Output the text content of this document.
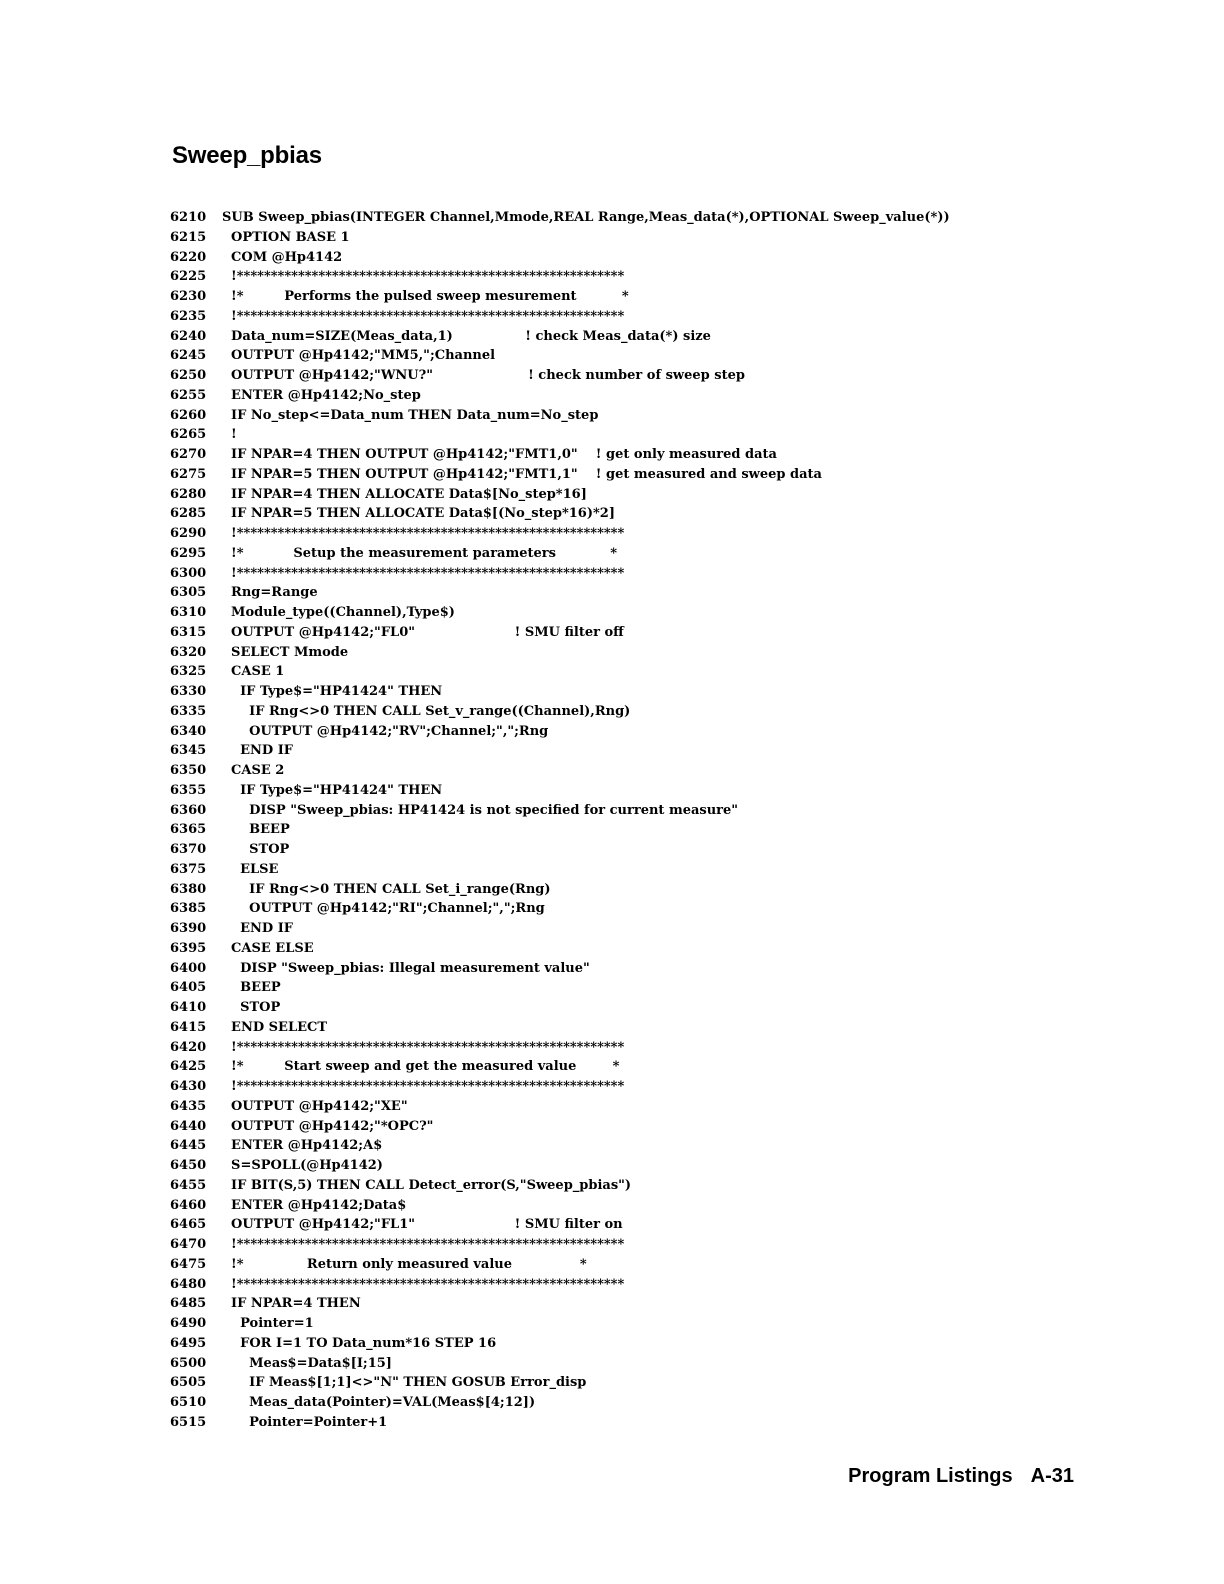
Sweep_pbias
6210	SUB Sweep_pbias(INTEGER Channel,Mmode,REAL Range,Meas_data(*),OPTIONAL Sweep_value(*))
6215	OPTION BASE 1
6220	COM @Hp4142
6225	!*********************************************************
6230	!*         Performs the pulsed sweep mesurement          *
6235	!*********************************************************
6240	Data_num=SIZE(Meas_data,1)                ! check Meas_data(*) size
6245	OUTPUT @Hp4142;"MM5,";Channel
6250	OUTPUT @Hp4142;"WNU?"                     ! check number of sweep step
6255	ENTER @Hp4142;No_step
6260	IF No_step<=Data_num THEN Data_num=No_step
6265	!
6270	IF NPAR=4 THEN OUTPUT @Hp4142;"FMT1,0"    ! get only measured data
6275	IF NPAR=5 THEN OUTPUT @Hp4142;"FMT1,1"    ! get measured and sweep data
6280	IF NPAR=4 THEN ALLOCATE Data$[No_step*16]
6285	IF NPAR=5 THEN ALLOCATE Data$[(No_step*16)*2]
6290	!*********************************************************
6295	!*           Setup the measurement parameters            *
6300	!*********************************************************
6305	Rng=Range
6310	Module_type((Channel),Type$)
6315	OUTPUT @Hp4142;"FL0"                      ! SMU filter off
6320	SELECT Mmode
6325	CASE 1
6330	IF Type$="HP41424" THEN
6335	IF Rng<>0 THEN CALL Set_v_range((Channel),Rng)
6340	OUTPUT @Hp4142;"RV";Channel;",";Rng
6345	END IF
6350	CASE 2
6355	IF Type$="HP41424" THEN
6360	DISP "Sweep_pbias: HP41424 is not specified for current measure"
6365	BEEP
6370	STOP
6375	ELSE
6380	IF Rng<>0 THEN CALL Set_i_range(Rng)
6385	OUTPUT @Hp4142;"RI";Channel;",";Rng
6390	END IF
6395	CASE ELSE
6400	DISP "Sweep_pbias: Illegal measurement value"
6405	BEEP
6410	STOP
6415	END SELECT
6420	!*********************************************************
6425	!*         Start sweep and get the measured value        *
6430	!*********************************************************
6435	OUTPUT @Hp4142;"XE"
6440	OUTPUT @Hp4142;"*OPC?"
6445	ENTER @Hp4142;A$
6450	S=SPOLL(@Hp4142)
6455	IF BIT(S,5) THEN CALL Detect_error(S,"Sweep_pbias")
6460	ENTER @Hp4142;Data$
6465	OUTPUT @Hp4142;"FL1"                      ! SMU filter on
6470	!*********************************************************
6475	!*              Return only measured value               *
6480	!*********************************************************
6485	IF NPAR=4 THEN
6490	Pointer=1
6495	FOR I=1 TO Data_num*16 STEP 16
6500	Meas$=Data$[I;15]
6505	IF Meas$[1;1]<>"N" THEN GOSUB Error_disp
6510	Meas_data(Pointer)=VAL(Meas$[4;12])
6515	Pointer=Pointer+1
Program Listings A-31
